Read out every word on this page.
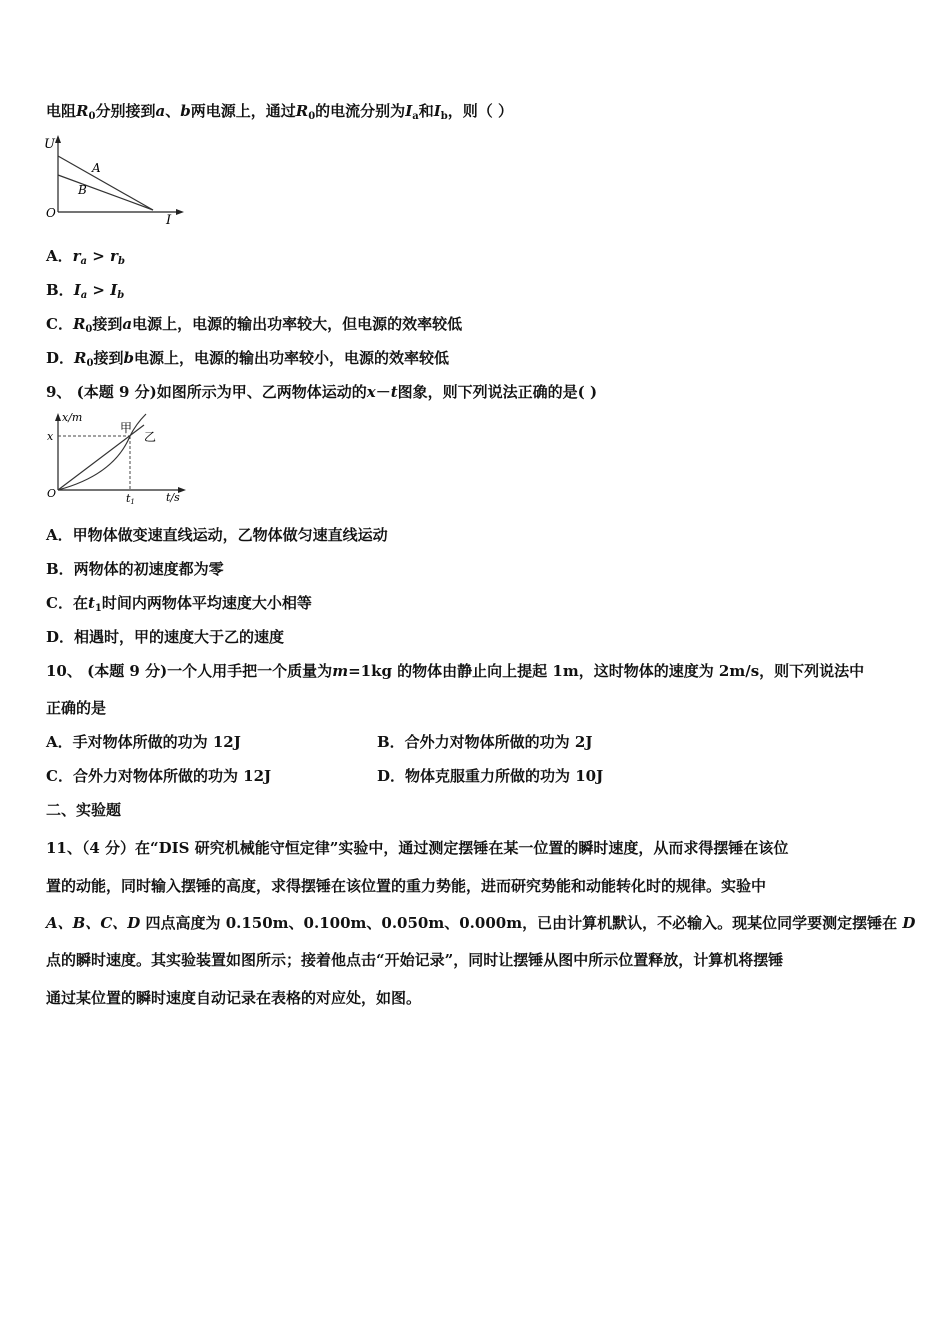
电阻$R_0$分别接到a、b两电源上，通过$R_0$的电流分别为$I_a$和$I_b$，则（ ）
U
I
O
A
B
A．$r_a > r_b$
B．$I_a > I_b$
C．$R_0$接到a电源上，电源的输出功率较大，但电源的效率较低
D．$R_0$接到b电源上，电源的输出功率较小，电源的效率较低
9、 (本题 9 分)如图所示为甲、乙两物体运动的x－t图象，则下列说法正确的是( )
x/m
t/s
O
x
t1
甲
乙
A．甲物体做变速直线运动，乙物体做匀速直线运动
B．两物体的初速度都为零
C．在$t_1$时间内两物体平均速度大小相等
D．相遇时，甲的速度大于乙的速度
10、 (本题 9 分)一个人用手把一个质量为m=1kg 的物体由静止向上提起 1m，这时物体的速度为 2m/s，则下列说法中
正确的是
A．手对物体所做的功为 12J	B．合外力对物体所做的功为 2J
C．合外力对物体所做的功为 12J	D．物体克服重力所做的功为 10J
二、实验题
11、（4 分）在“DIS 研究机械能守恒定律”实验中，通过测定摆锤在某一位置的瞬时速度，从而求得摆锤在该位
置的动能，同时输入摆锤的高度，求得摆锤在该位置的重力势能，进而研究势能和动能转化时的规律。实验中
A、B、C、D 四点高度为 0.150m、0.100m、0.050m、0.000m，已由计算机默认，不必输入。现某位同学要测定摆锤在 D
点的瞬时速度。其实验装置如图所示；接着他点击“开始记录”，同时让摆锤从图中所示位置释放，计算机将摆锤
通过某位置的瞬时速度自动记录在表格的对应处，如图。
